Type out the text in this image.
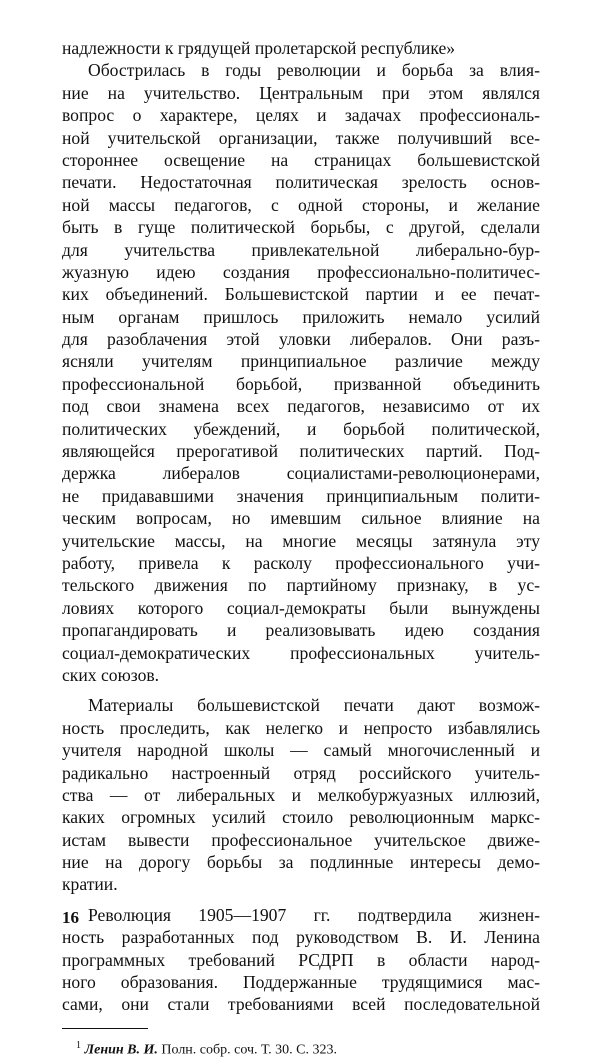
надлежности к грядущей пролетарской республике»
Обострилась в годы революции и борьба за влия-
ние на учительство. Центральным при этом являлся
вопрос о характере, целях и задачах профессиональ-
ной учительской организации, также получивший все-
стороннее освещение на страницах большевистской
печати. Недостаточная политическая зрелость основ-
ной массы педагогов, с одной стороны, и желание
быть в гуще политической борьбы, с другой, сделали
для учительства привлекательной либерально-бур-
жуазную идею создания профессионально-политичес-
ких объединений. Большевистской партии и ее печат-
ным органам пришлось приложить немало усилий
для разоблачения этой уловки либералов. Они разъ-
ясняли учителям принципиальное различие между
профессиональной борьбой, призванной объединить
под свои знамена всех педагогов, независимо от их
политических убеждений, и борьбой политической,
являющейся прерогативой политических партий. Под-
держка либералов социалистами-революционерами,
не придававшими значения принципиальным полити-
ческим вопросам, но имевшим сильное влияние на
учительские массы, на многие месяцы затянула эту
работу, привела к расколу профессионального учи-
тельского движения по партийному признаку, в ус-
ловиях которого социал-демократы были вынуждены
пропагандировать и реализовывать идею создания
социал-демократических профессиональных учитель-
ских союзов.
Материалы большевистской печати дают возмож-
ность проследить, как нелегко и непросто избавлялись
учителя народной школы — самый многочисленный и
радикально настроенный отряд российского учитель-
ства — от либеральных и мелкобуржуазных иллюзий,
каких огромных усилий стоило революционным маркс-
истам вывести профессиональное учительское движе-
ние на дорогу борьбы за подлинные интересы демо-
кратии.
Революция 1905—1907 гг. подтвердила жизнен-
ность разработанных под руководством В. И. Ленина
программных требований РСДРП в области народ-
ного образования. Поддержанные трудящимися мас-
сами, они стали требованиями всей последовательной
$^1$ Ленин В. И. Полн. собр. соч. Т. 30. С. 323.
16
